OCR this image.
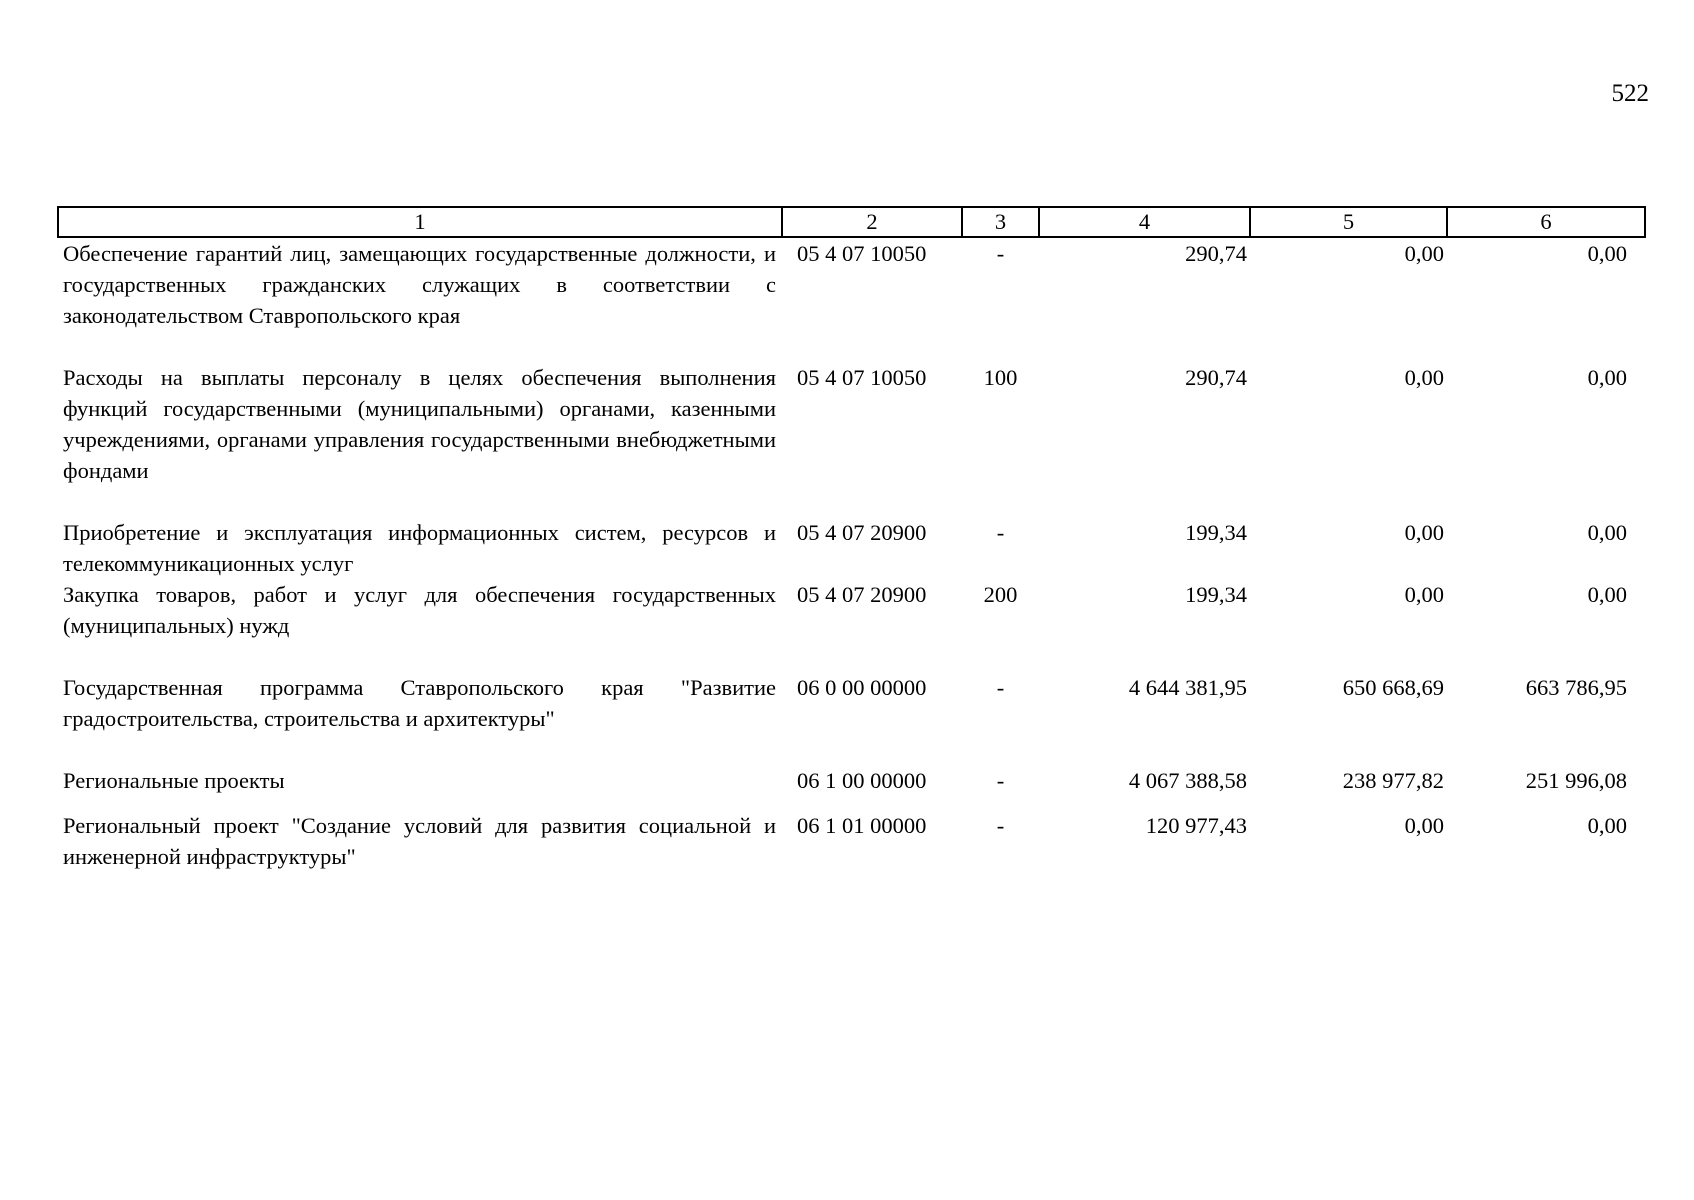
522
1	2	3	4	5	6
Обеспечение гарантий лиц, замещающих государственные должности, и государственных гражданских служащих в соответствии с законодательством Ставропольского края	05 4 07 10050	-	290,74	0,00	0,00
Расходы на выплаты персоналу в целях обеспечения выполнения функций государственными (муниципальными) органами, казенными учреждениями, органами управления государственными внебюджетными фондами	05 4 07 10050	100	290,74	0,00	0,00
Приобретение и эксплуатация информационных систем, ресурсов и телекоммуникационных услуг	05 4 07 20900	-	199,34	0,00	0,00
Закупка товаров, работ и услуг для обеспечения государственных (муниципальных) нужд	05 4 07 20900	200	199,34	0,00	0,00
Государственная программа Ставропольского края "Развитие градостроительства, строительства и архитектуры"	06 0 00 00000	-	4 644 381,95	650 668,69	663 786,95
Региональные проекты	06 1 00 00000	-	4 067 388,58	238 977,82	251 996,08
Региональный проект "Создание условий для развития социальной и инженерной инфраструктуры"	06 1 01 00000	-	120 977,43	0,00	0,00
